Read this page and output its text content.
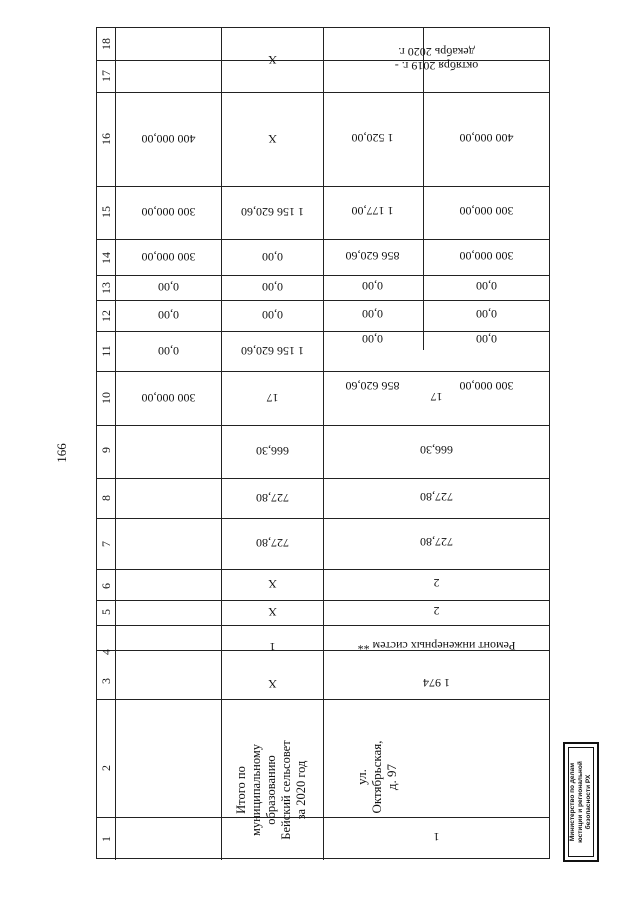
166
1
2
3
4
5
6
7
8
9
10
11
12
13
14
15
16
17
18
400 000,00
300 000,00
300 000,00
0,00
0,00
0,00
300 000,00
Итого по муниципальному образованию Бейский сельсовет за 2020 год
X
1
X
X
727,80
727,80
666,30
17
1 156 620,60
0,00
0,00
0,00
1 156 620,60
X
X
1 520,00
1 177,00
856 620,60
0,00
0,00
0,00
400 000,00
300 000,00
300 000,00
0,00
0,00
0,00
300 000,00
856 620,60
17
666,30
727,80
727,80
2
2
Ремонт инженерных систем **
1 974
ул. Октябрьская, д. 97
1
октября 2019 г. -
декабрь 2020 г.
Министерство по делам юстиции и региональной безопасности РХ
